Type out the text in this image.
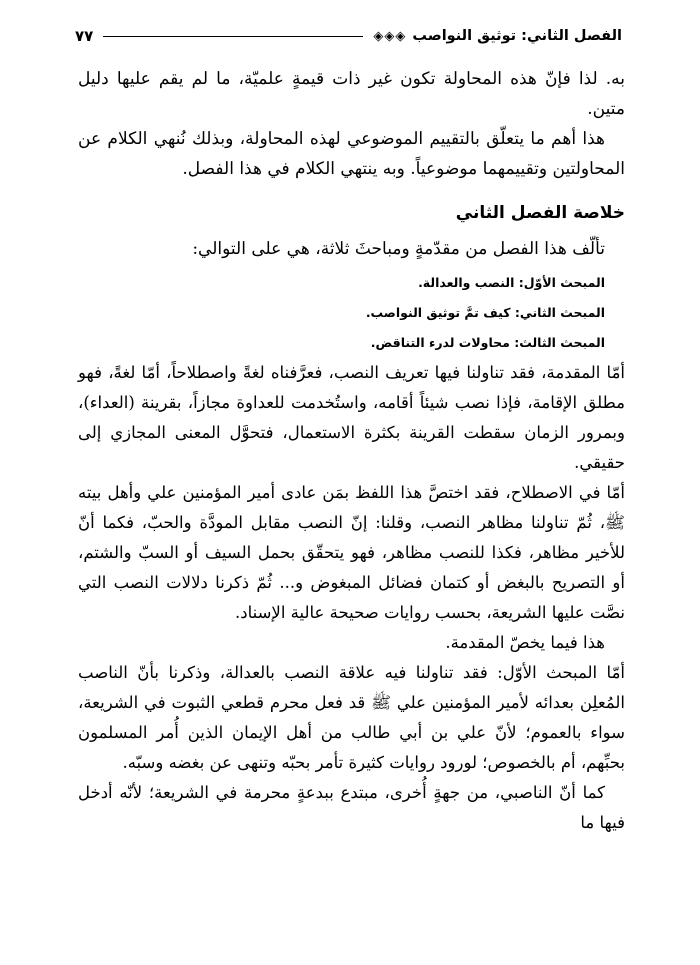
الفصل الثاني: توثيق النواصب
◈◈◈
٧٧

به. لذا فإنّ هذه المحاولة تكون غير ذات قيمةٍ علميّة، ما لم يقم عليها دليل متين.

هذا أهم ما يتعلّق بالتقييم الموضوعي لهذه المحاولة، وبذلك نُنهي الكلام عن المحاولتين وتقييمهما موضوعياً. وبه ينتهي الكلام في هذا الفصل.

خلاصة الفصل الثاني
تألّف هذا الفصل من مقدّمةٍ ومباحثَ ثلاثة، هي على التوالي:
المبحث الأوّل: النصب والعدالة.
المبحث الثاني: كيف تمَّ توثيق النواصب.
المبحث الثالث: محاولات لدرء التناقض.

أمّا المقدمة، فقد تناولنا فيها تعريف النصب، فعرَّفناه لغةً واصطلاحاً، أمّا لغةً، فهو مطلق الإقامة، فإذا نصب شيئاً أقامه، واستُخدمت للعداوة مجازاً، بقرينة (العداء)، وبمرور الزمان سقطت القرينة بكثرة الاستعمال، فتحوَّل المعنى المجازي إلى حقيقي.

أمّا في الاصطلاح، فقد اختصَّ هذا اللفظ بمَن عادى أمير المؤمنين علي وأهل بيته ﷺ، ثُمّ تناولنا مظاهر النصب، وقلنا: إنّ النصب مقابل المودَّة والحبّ، فكما أنّ للأخير مظاهر، فكذا للنصب مظاهر، فهو يتحقّق بحمل السيف أو السبّ والشتم، أو التصريح بالبغض أو كتمان فضائل المبغوض و... ثُمّ ذكرنا دلالات النصب التي نصَّت عليها الشريعة، بحسب روايات صحيحة عالية الإسناد.

هذا فيما يخصّ المقدمة.

أمّا المبحث الأوّل: فقد تناولنا فيه علاقة النصب بالعدالة، وذكرنا بأنّ الناصب المُعلِن بعدائه لأمير المؤمنين علي ﷺ قد فعل محرم قطعي الثبوت في الشريعة، سواء بالعموم؛ لأنّ علي بن أبي طالب من أهل الإيمان الذين أُمر المسلمون بحبِّهم، أم بالخصوص؛ لورود روايات كثيرة تأمر بحبّه وتنهى عن بغضه وسبّه.

كما أنّ الناصبي، من جهةٍ أُخرى، مبتدع ببدعةٍ محرمة في الشريعة؛ لأنّه أدخل فيها ما
